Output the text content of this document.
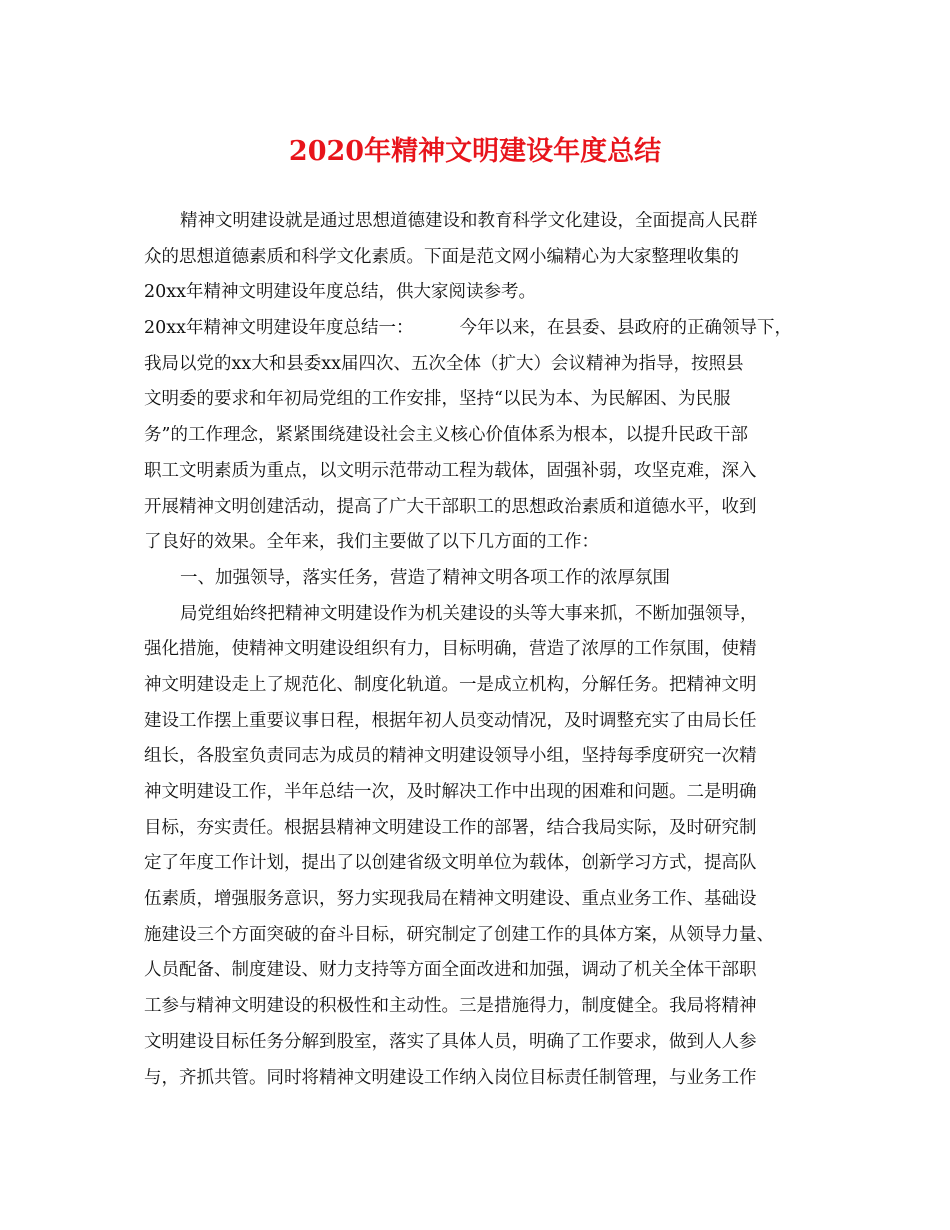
2020年精神文明建设年度总结
精神文明建设就是通过思想道德建设和教育科学文化建设，全面提高人民群
众的思想道德素质和科学文化素质。下面是范文网小编精心为大家整理收集的
20xx年精神文明建设年度总结，供大家阅读参考。
20xx年精神文明建设年度总结一：	今年以来，在县委、县政府的正确领导下，
我局以党的xx大和县委xx届四次、五次全体（扩大）会议精神为指导，按照县
文明委的要求和年初局党组的工作安排，坚持“以民为本、为民解困、为民服
务”的工作理念，紧紧围绕建设社会主义核心价值体系为根本，以提升民政干部
职工文明素质为重点，以文明示范带动工程为载体，固强补弱，攻坚克难，深入
开展精神文明创建活动，提高了广大干部职工的思想政治素质和道德水平，收到
了良好的效果。全年来，我们主要做了以下几方面的工作：
一、加强领导，落实任务，营造了精神文明各项工作的浓厚氛围
局党组始终把精神文明建设作为机关建设的头等大事来抓，不断加强领导，
强化措施，使精神文明建设组织有力，目标明确，营造了浓厚的工作氛围，使精
神文明建设走上了规范化、制度化轨道。一是成立机构，分解任务。把精神文明
建设工作摆上重要议事日程，根据年初人员变动情况，及时调整充实了由局长任
组长，各股室负责同志为成员的精神文明建设领导小组，坚持每季度研究一次精
神文明建设工作，半年总结一次，及时解决工作中出现的困难和问题。二是明确
目标，夯实责任。根据县精神文明建设工作的部署，结合我局实际，及时研究制
定了年度工作计划，提出了以创建省级文明单位为载体，创新学习方式，提高队
伍素质，增强服务意识，努力实现我局在精神文明建设、重点业务工作、基础设
施建设三个方面突破的奋斗目标，研究制定了创建工作的具体方案，从领导力量、
人员配备、制度建设、财力支持等方面全面改进和加强，调动了机关全体干部职
工参与精神文明建设的积极性和主动性。三是措施得力，制度健全。我局将精神
文明建设目标任务分解到股室，落实了具体人员，明确了工作要求，做到人人参
与，齐抓共管。同时将精神文明建设工作纳入岗位目标责任制管理，与业务工作
